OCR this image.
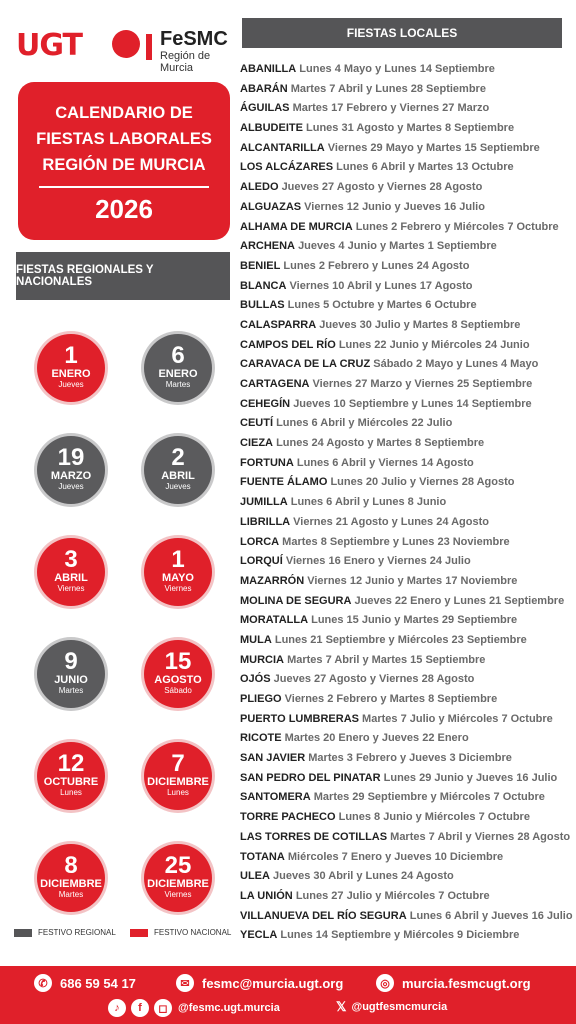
UGT	FeSMC
Región de Murcia
CALENDARIO DE
FIESTAS LABORALES
REGIÓN DE MURCIA
2026
FIESTAS REGIONALES Y NACIONALES
1
ENERO
Jueves
6
ENERO
Martes
19
MARZO
Jueves
2
ABRIL
Jueves
3
ABRIL
Viernes
1
MAYO
Viernes
9
JUNIO
Martes
15
AGOSTO
Sábado
12
OCTUBRE
Lunes
7
DICIEMBRE
Lunes
8
DICIEMBRE
Martes
25
DICIEMBRE
Viernes
FESTIVO REGIONAL	FESTIVO NACIONAL
FIESTAS LOCALES
ABANILLA Lunes 4 Mayo y Lunes 14 Septiembre
ABARÁN Martes 7 Abril y Lunes 28 Septiembre
ÁGUILAS Martes 17 Febrero y Viernes 27 Marzo
ALBUDEITE Lunes 31 Agosto y Martes 8 Septiembre
ALCANTARILLA Viernes 29 Mayo y Martes 15 Septiembre
LOS ALCÁZARES Lunes 6 Abril y Martes 13 Octubre
ALEDO Jueves 27 Agosto y Viernes 28 Agosto
ALGUAZAS Viernes 12 Junio y Jueves 16 Julio
ALHAMA DE MURCIA Lunes 2 Febrero y Miércoles 7 Octubre
ARCHENA Jueves 4 Junio y Martes 1 Septiembre
BENIEL Lunes 2 Febrero y Lunes 24 Agosto
BLANCA Viernes 10 Abril y Lunes 17 Agosto
BULLAS Lunes 5 Octubre y Martes 6 Octubre
CALASPARRA Jueves 30 Julio y Martes 8 Septiembre
CAMPOS DEL RÍO Lunes 22 Junio y Miércoles 24 Junio
CARAVACA DE LA CRUZ Sábado 2 Mayo y Lunes 4 Mayo
CARTAGENA Viernes 27 Marzo y Viernes 25 Septiembre
CEHEGÍN Jueves 10 Septiembre y Lunes 14 Septiembre
CEUTÍ Lunes 6 Abril y Miércoles 22 Julio
CIEZA Lunes 24 Agosto y Martes 8 Septiembre
FORTUNA Lunes 6 Abril y Viernes 14 Agosto
FUENTE ÁLAMO Lunes 20 Julio y Viernes 28 Agosto
JUMILLA Lunes 6 Abril y Lunes 8 Junio
LIBRILLA Viernes 21 Agosto y Lunes 24 Agosto
LORCA Martes 8 Septiembre y Lunes 23 Noviembre
LORQUÍ Viernes 16 Enero y Viernes 24 Julio
MAZARRÓN Viernes 12 Junio y Martes 17 Noviembre
MOLINA DE SEGURA Jueves 22 Enero y Lunes 21 Septiembre
MORATALLA Lunes 15 Junio y Martes 29 Septiembre
MULA Lunes 21 Septiembre y Miércoles 23 Septiembre
MURCIA Martes 7 Abril y Martes 15 Septiembre
OJÓS Jueves 27 Agosto y Viernes 28 Agosto
PLIEGO Viernes 2 Febrero y Martes 8 Septiembre
PUERTO LUMBRERAS Martes 7 Julio y Miércoles 7 Octubre
RICOTE Martes 20 Enero y Jueves 22 Enero
SAN JAVIER Martes 3 Febrero y Jueves 3 Diciembre
SAN PEDRO DEL PINATAR Lunes 29 Junio y Jueves 16 Julio
SANTOMERA Martes 29 Septiembre y Miércoles 7 Octubre
TORRE PACHECO Lunes 8 Junio y Miércoles 7 Octubre
LAS TORRES DE COTILLAS Martes 7 Abril y Viernes 28 Agosto
TOTANA Miércoles 7 Enero y Jueves 10 Diciembre
ULEA Jueves 30 Abril y Lunes 24 Agosto
LA UNIÓN Lunes 27 Julio y Miércoles 7 Octubre
VILLANUEVA DEL RÍO SEGURA Lunes 6 Abril y Jueves 16 Julio
YECLA Lunes 14 Septiembre y Miércoles 9 Diciembre
✆ 686 59 54 17	✉ fesmc@murcia.ugt.org	◎ murcia.fesmcugt.org
♪	f	◻ @fesmc.ugt.murcia	𝕏 @ugtfesmcmurcia
